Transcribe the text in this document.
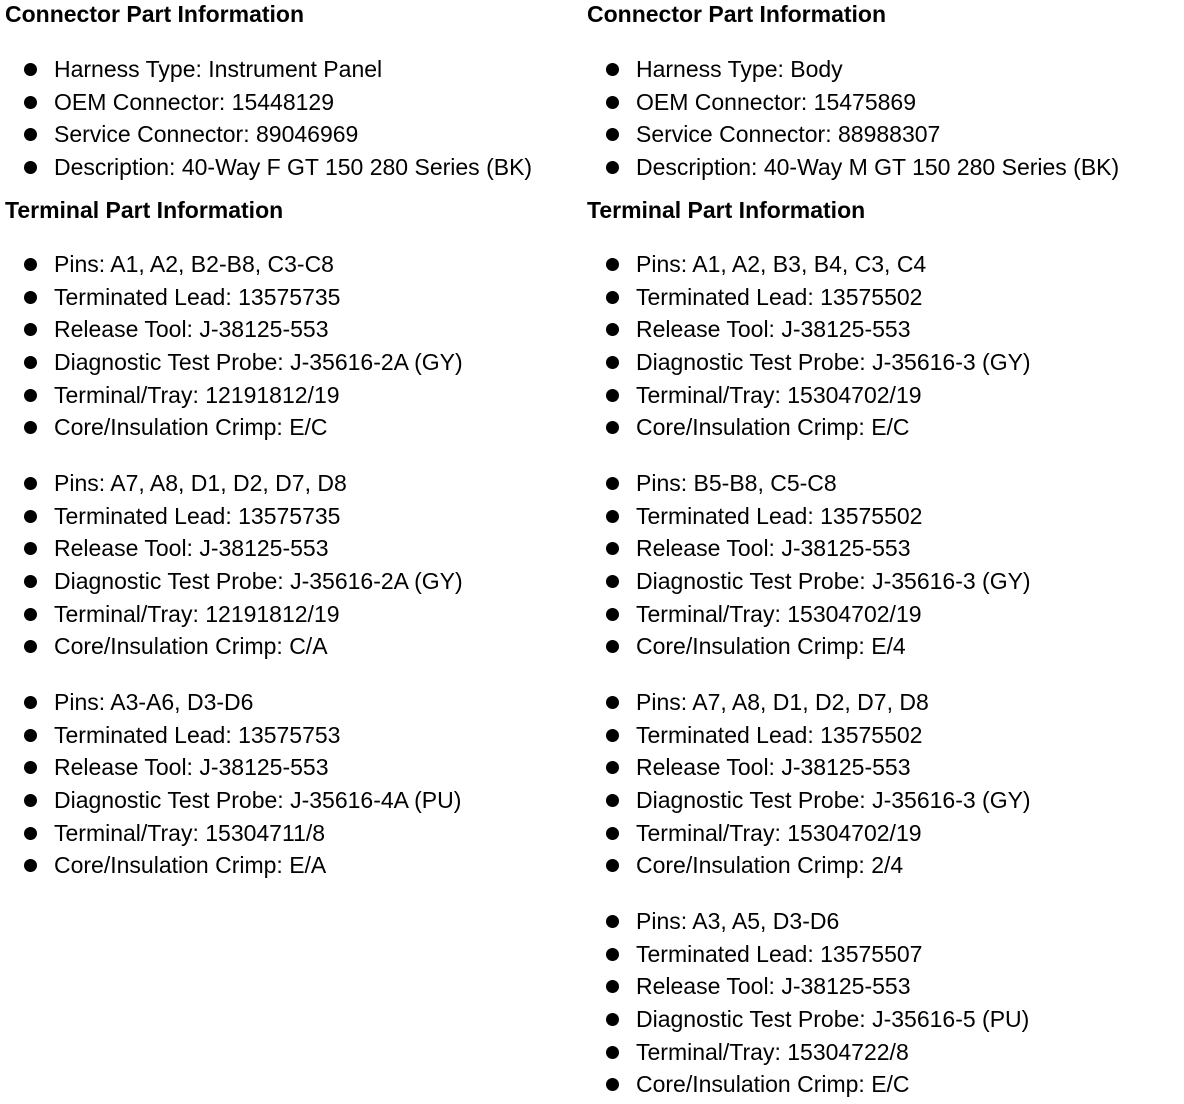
Connector Part Information
Harness Type: Instrument Panel
OEM Connector: 15448129
Service Connector: 89046969
Description: 40-Way F GT 150 280 Series (BK)
Terminal Part Information
Pins: A1, A2, B2-B8, C3-C8
Terminated Lead: 13575735
Release Tool: J-38125-553
Diagnostic Test Probe: J-35616-2A (GY)
Terminal/Tray: 12191812/19
Core/Insulation Crimp: E/C
Pins: A7, A8, D1, D2, D7, D8
Terminated Lead: 13575735
Release Tool: J-38125-553
Diagnostic Test Probe: J-35616-2A (GY)
Terminal/Tray: 12191812/19
Core/Insulation Crimp: C/A
Pins: A3-A6, D3-D6
Terminated Lead: 13575753
Release Tool: J-38125-553
Diagnostic Test Probe: J-35616-4A (PU)
Terminal/Tray: 15304711/8
Core/Insulation Crimp: E/A
Connector Part Information
Harness Type: Body
OEM Connector: 15475869
Service Connector: 88988307
Description: 40-Way M GT 150 280 Series (BK)
Terminal Part Information
Pins: A1, A2, B3, B4, C3, C4
Terminated Lead: 13575502
Release Tool: J-38125-553
Diagnostic Test Probe: J-35616-3 (GY)
Terminal/Tray: 15304702/19
Core/Insulation Crimp: E/C
Pins: B5-B8, C5-C8
Terminated Lead: 13575502
Release Tool: J-38125-553
Diagnostic Test Probe: J-35616-3 (GY)
Terminal/Tray: 15304702/19
Core/Insulation Crimp: E/4
Pins: A7, A8, D1, D2, D7, D8
Terminated Lead: 13575502
Release Tool: J-38125-553
Diagnostic Test Probe: J-35616-3 (GY)
Terminal/Tray: 15304702/19
Core/Insulation Crimp: 2/4
Pins: A3, A5, D3-D6
Terminated Lead: 13575507
Release Tool: J-38125-553
Diagnostic Test Probe: J-35616-5 (PU)
Terminal/Tray: 15304722/8
Core/Insulation Crimp: E/C
